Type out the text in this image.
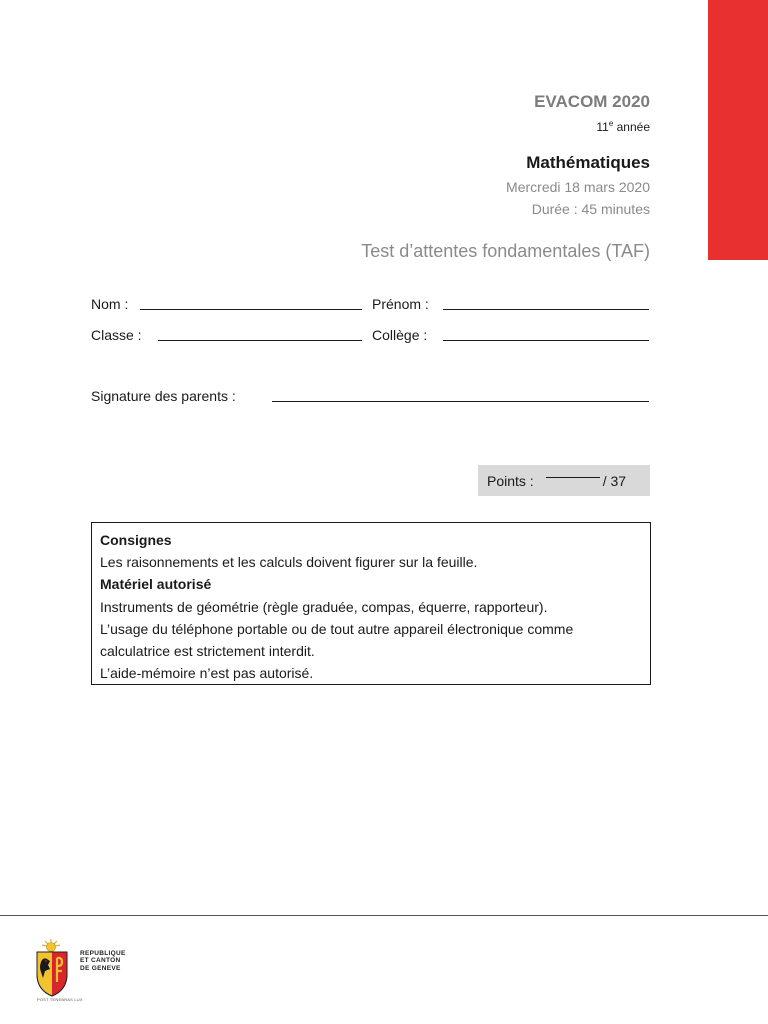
EVACOM 2020
11e année
Mathématiques
Mercredi 18 mars 2020
Durée : 45 minutes
Test d’attentes fondamentales (TAF)
Nom :	Prénom :
Classe :	Collège :
Signature des parents :
Points :	/ 37
Consignes
Les raisonnements et les calculs doivent figurer sur la feuille.
Matériel autorisé
Instruments de géométrie (règle graduée, compas, équerre, rapporteur).
L’usage du téléphone portable ou de tout autre appareil électronique comme
calculatrice est strictement interdit.
L’aide-mémoire n’est pas autorisé.
REPUBLIQUE
ET CANTON
DE GENEVE
POST TENEBRAS LUX
